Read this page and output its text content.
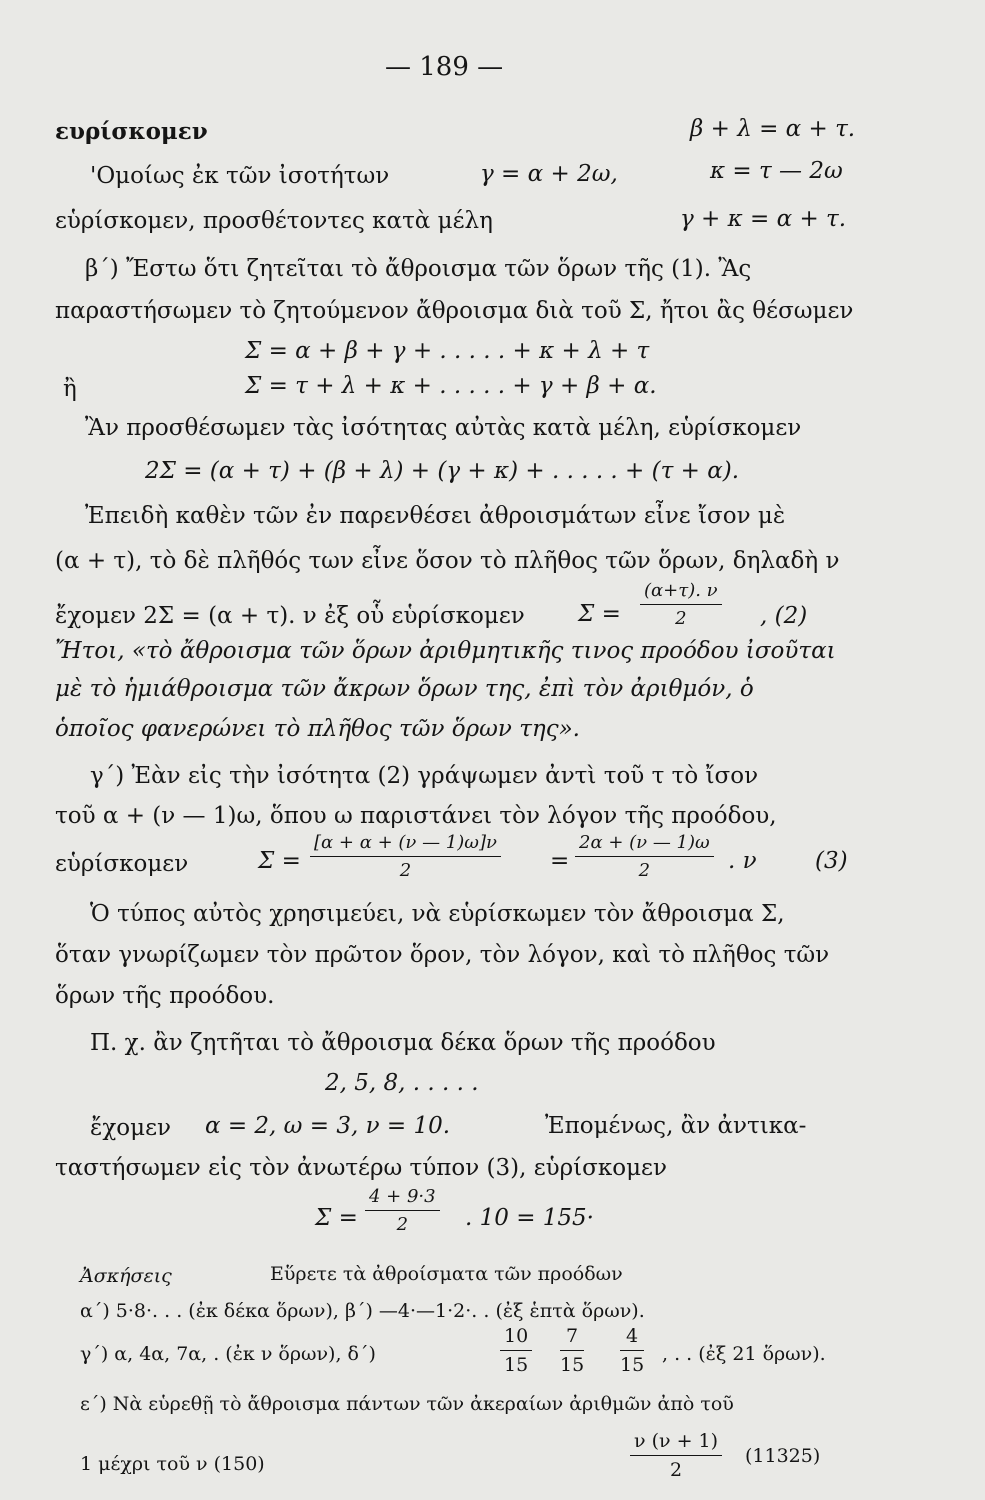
— 189 —
ευρίσκομεν	β + λ = α + τ.
'Ομοίως ἐκ τῶν ἰσοτήτων	γ = α + 2ω,	κ = τ — 2ω
εὑρίσκομεν, προσθέτοντες κατὰ μέλη	γ + κ = α + τ.
β΄) Ἔστω ὅτι ζητεῖται τὸ ἄθροισμα τῶν ὅρων τῆς (1). Ἂς
παραστήσωμεν τὸ ζητούμενον ἄθροισμα διὰ τοῦ Σ, ἤτοι ἂς θέσωμεν
Σ = α + β + γ + . . . . . + κ + λ + τ
ἢ	Σ = τ + λ + κ + . . . . . + γ + β + α.
Ἂν προσθέσωμεν τὰς ἰσότητας αὐτὰς κατὰ μέλη, εὑρίσκομεν
2Σ = (α + τ) + (β + λ) + (γ + κ) + . . . . . + (τ + α).
Ἐπειδὴ καθὲν τῶν ἐν παρενθέσει ἀθροισμάτων εἶνε ἴσον μὲ
(α + τ), τὸ δὲ πλῆθός των εἶνε ὅσον τὸ πλῆθος τῶν ὅρων, δηλαδὴ ν
ἔχομεν 2Σ = (α + τ). ν ἐξ οὗ εὑρίσκομεν $\Sigma = \frac{(\alpha+\tau). \nu}{2}$ , (2)
Ἤτοι, «τὸ ἄθροισμα τῶν ὅρων ἀριθμητικῆς τινος προόδου ἰσοῦται
μὲ τὸ ἡμιάθροισμα τῶν ἄκρων ὅρων της, ἐπὶ τὸν ἀριθμόν, ὁ
ὁποῖος φανερώνει τὸ πλῆθος τῶν ὅρων της».
γ΄) Ἐὰν εἰς τὴν ἰσότητα (2) γράψωμεν ἀντὶ τοῦ τ τὸ ἴσον
τοῦ α + (ν — 1)ω, ὅπου ω παριστάνει τὸν λόγον τῆς προόδου,
εὑρίσκομεν	$\Sigma = \frac{[\alpha + \alpha + (\nu — 1)\omega]\nu}{2} = \frac{2\alpha + (\nu — 1)\omega}{2}$ . ν	(3)
Ὁ τύπος αὐτὸς χρησιμεύει, νὰ εὑρίσκωμεν τὸν ἄθροισμα Σ,
ὅταν γνωρίζωμεν τὸν πρῶτον ὅρον, τὸν λόγον, καὶ τὸ πλῆθος τῶν
ὅρων τῆς προόδου.
Π. χ. ἂν ζητῆται τὸ ἄθροισμα δέκα ὅρων τῆς προόδου
2, 5, 8, . . . . .
ἔχομεν α = 2, ω = 3, ν = 10.	Ἐπομένως, ἂν ἀντικα-
ταστήσωμεν εἰς τὸν ἀνωτέρω τύπον (3), εὑρίσκομεν
$\Sigma = \frac{4 + 9\cdot 3}{2}$ . 10 = 155·
Ἀσκήσεις	Εὕρετε τὰ ἀθροίσματα τῶν προόδων
α΄) 5·8·. . . (ἐκ δέκα ὅρων), β΄) —4·—1·2·. . (ἐξ ἑπτὰ ὅρων).
γ΄) α, 4α, 7α, . (ἐκ ν ὅρων), δ΄)	$\frac{10}{15} \frac{7}{15} \frac{4}{15}$ , . . (ἐξ 21 ὅρων).
ε΄) Νὰ εὑρεθῇ τὸ ἄθροισμα πάντων τῶν ἀκεραίων ἀριθμῶν ἀπὸ τοῦ
1 μέχρι τοῦ ν (150)	$\frac{\nu (\nu + 1)}{2} (11325)$
